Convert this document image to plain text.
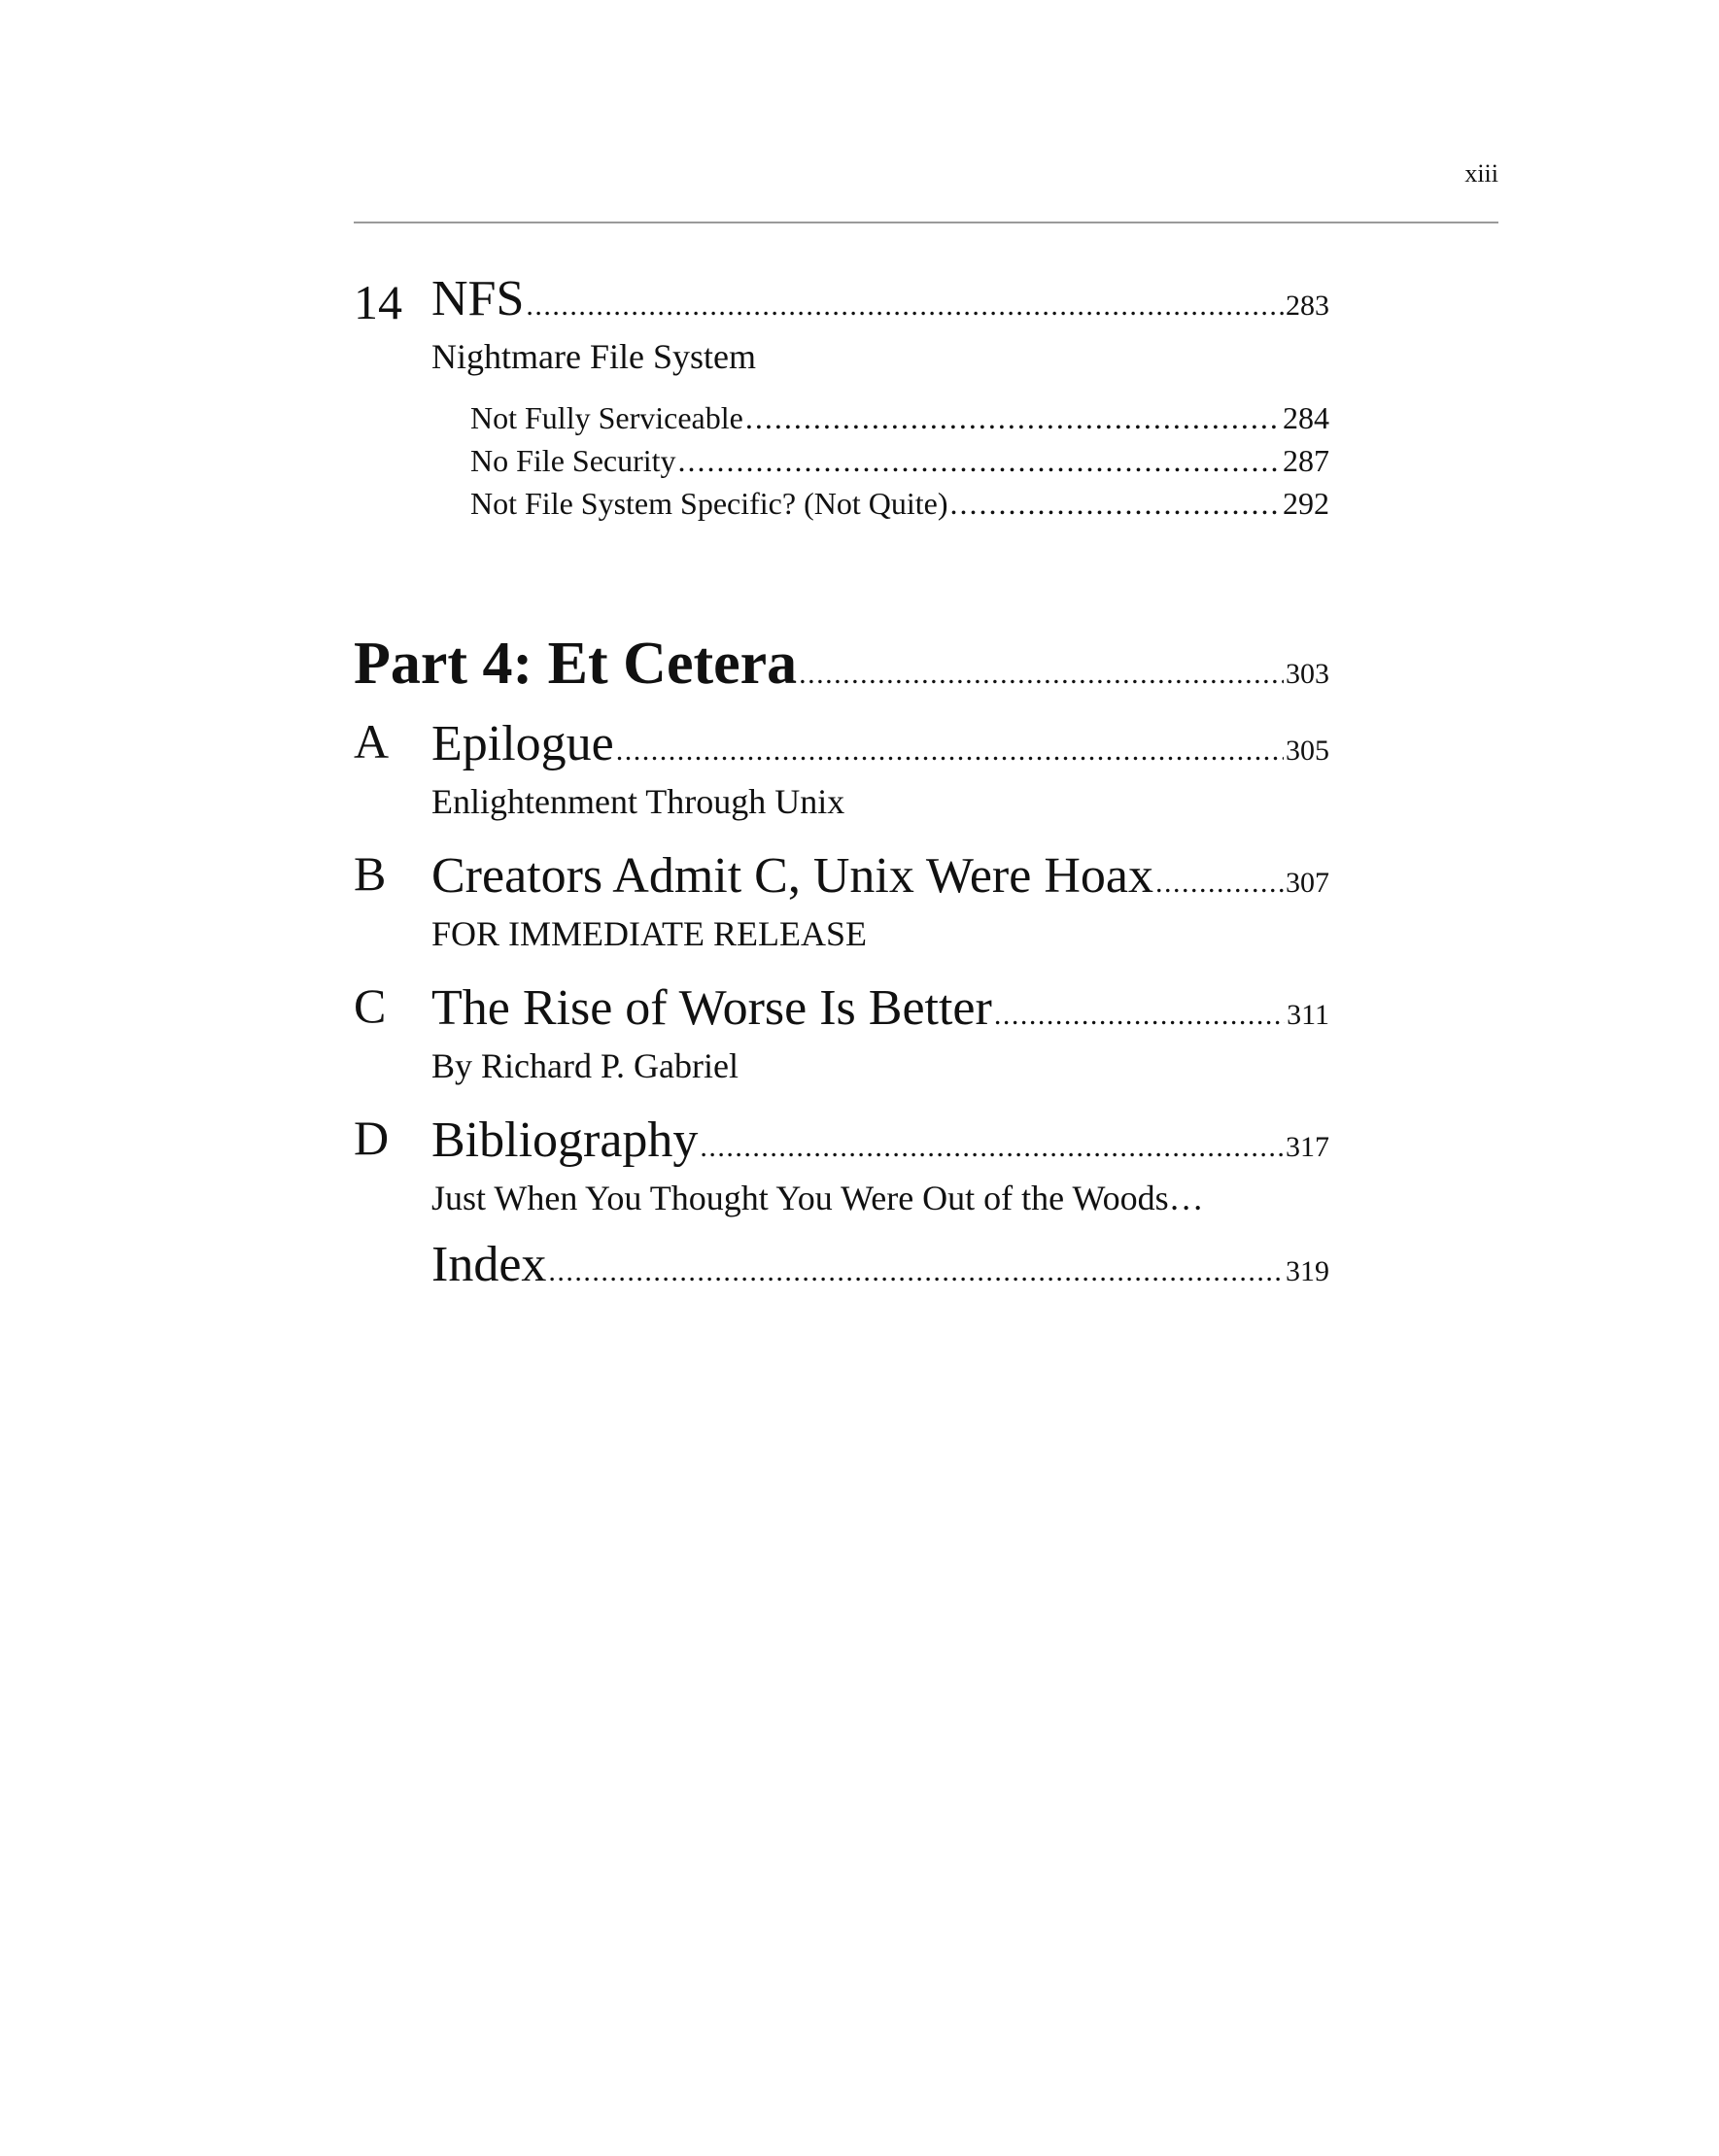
xiii
14 NFS . . .	283
Nightmare File System
Not Fully Serviceable . . .	284
No File Security . . .	287
Not File System Specific? (Not Quite) . . .	292
Part 4: Et Cetera . . .	303
A Epilogue . . .	305
Enlightenment Through Unix
B Creators Admit C, Unix Were Hoax . . .	307
FOR IMMEDIATE RELEASE
C The Rise of Worse Is Better . . .	311
By Richard P. Gabriel
D Bibliography . . .	317
Just When You Thought You Were Out of the Woods…
Index . . .	319
